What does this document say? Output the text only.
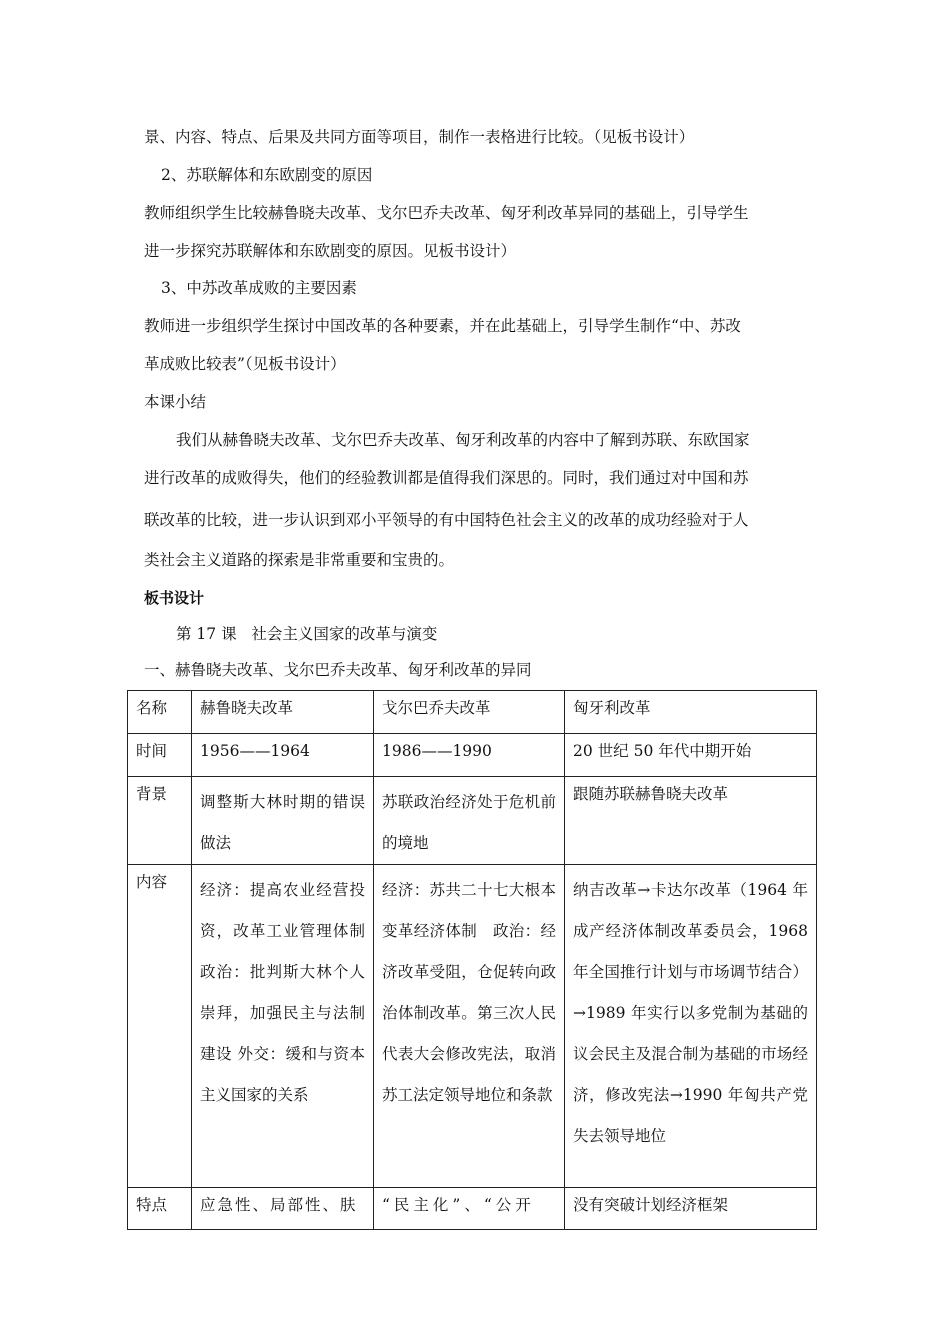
景、内容、特点、后果及共同方面等项目，制作一表格进行比较。（见板书设计）
2、苏联解体和东欧剧变的原因
教师组织学生比较赫鲁晓夫改革、戈尔巴乔夫改革、匈牙利改革异同的基础上，引导学生
进一步探究苏联解体和东欧剧变的原因。见板书设计）
3、中苏改革成败的主要因素
教师进一步组织学生探讨中国改革的各种要素，并在此基础上，引导学生制作“中、苏改
革成败比较表”（见板书设计）
本课小结
我们从赫鲁晓夫改革、戈尔巴乔夫改革、匈牙利改革的内容中了解到苏联、东欧国家
进行改革的成败得失，他们的经验教训都是值得我们深思的。同时，我们通过对中国和苏
联改革的比较，进一步认识到邓小平领导的有中国特色社会主义的改革的成功经验对于人
类社会主义道路的探索是非常重要和宝贵的。
板书设计
第 17 课   社会主义国家的改革与演变
一、赫鲁晓夫改革、戈尔巴乔夫改革、匈牙利改革的异同
名称	赫鲁晓夫改革	戈尔巴乔夫改革	匈牙利改革
时间	1956——1964	1986——1990	20 世纪 50 年代中期开始
背景	调整斯大林时期的错误做法	苏联政治经济处于危机前的境地	跟随苏联赫鲁晓夫改革
内容	经济：提高农业经营投资，改革工业管理体制 政治：批判斯大林个人崇拜，加强民主与法制建设 外交：缓和与资本主义国家的关系	经济：苏共二十七大根本变革经济体制　政治：经济改革受阻，仓促转向政治体制改革。第三次人民代表大会修改宪法，取消苏工法定领导地位和条款	纳吉改革→卡达尔改革（1964 年成产经济体制改革委员会，1968 年全国推行计划与市场调节结合）→1989 年实行以多党制为基础的议会民主及混合制为基础的市场经济，修改宪法→1990 年匈共产党失去领导地位
特点	应急性、局部性、肤	“民主化”、“公开	没有突破计划经济框架
